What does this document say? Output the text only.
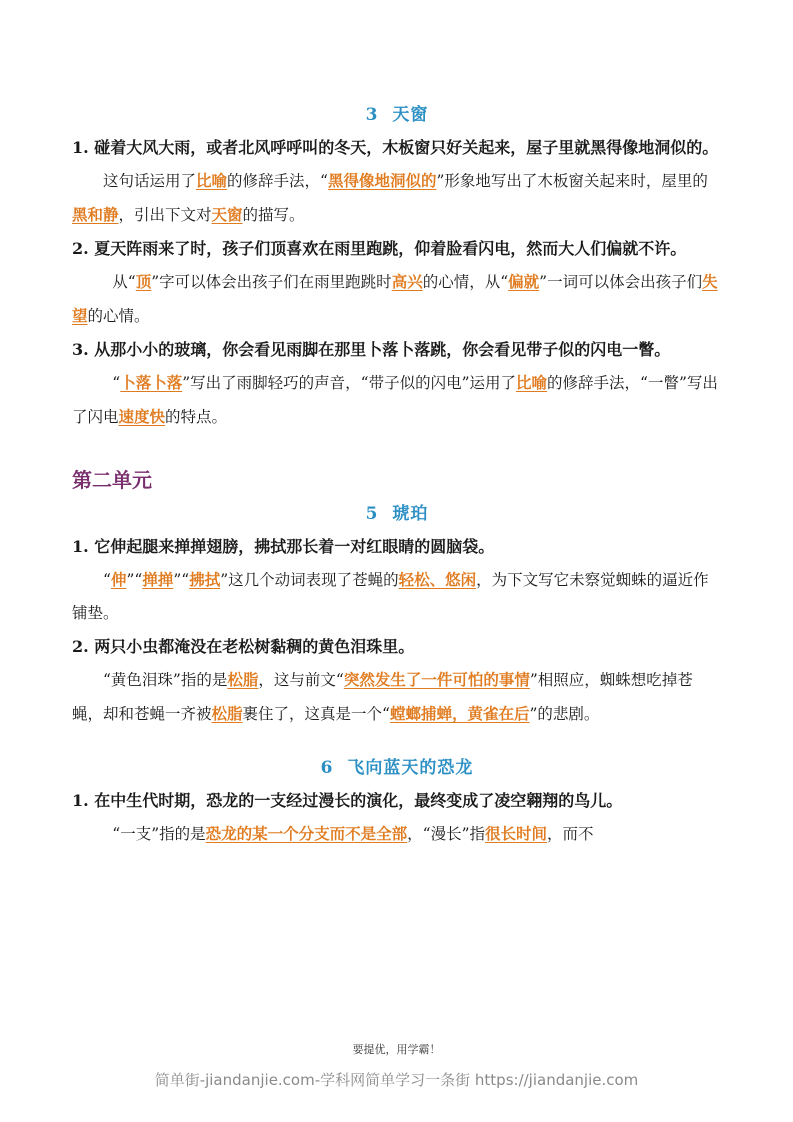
3 天窗

1. 碰着大风大雨，或者北风呼呼叫的冬天，木板窗只好关起来，屋子里就黑得像地洞似的。

这句话运用了比喻的修辞手法，“黑得像地洞似的”形象地写出了木板窗关起来时，屋里的黑和静，引出下文对天窗的描写。

2. 夏天阵雨来了时，孩子们顶喜欢在雨里跑跳，仰着脸看闪电，然而大人们偏就不许。

从“顶”字可以体会出孩子们在雨里跑跳时高兴的心情，从“偏就”一词可以体会出孩子们失望的心情。

3. 从那小小的玻璃，你会看见雨脚在那里卜落卜落跳，你会看见带子似的闪电一瞥。

“卜落卜落”写出了雨脚轻巧的声音，“带子似的闪电”运用了比喻的修辞手法，“一瞥”写出了闪电速度快的特点。

第二单元
5 琥珀

1. 它伸起腿来掸掸翅膀，拂拭那长着一对红眼睛的圆脑袋。

“伸”“掸掸”“拂拭”这几个动词表现了苍蝇的轻松、悠闲，为下文写它未察觉蜘蛛的逼近作铺垫。

2. 两只小虫都淹没在老松树黏稠的黄色泪珠里。

“黄色泪珠”指的是松脂，这与前文“突然发生了一件可怕的事情”相照应，蜘蛛想吃掉苍蝇，却和苍蝇一齐被松脂裹住了，这真是一个“螳螂捕蝉，黄雀在后”的悲剧。

6 飞向蓝天的恐龙

1. 在中生代时期，恐龙的一支经过漫长的演化，最终变成了凌空翱翔的鸟儿。

“一支”指的是恐龙的某一个分支而不是全部，“漫长”指很长时间，而不

要提优，用学霸！
简单街-jiandanjie.com-学科网简单学习一条街 https://jiandanjie.com
